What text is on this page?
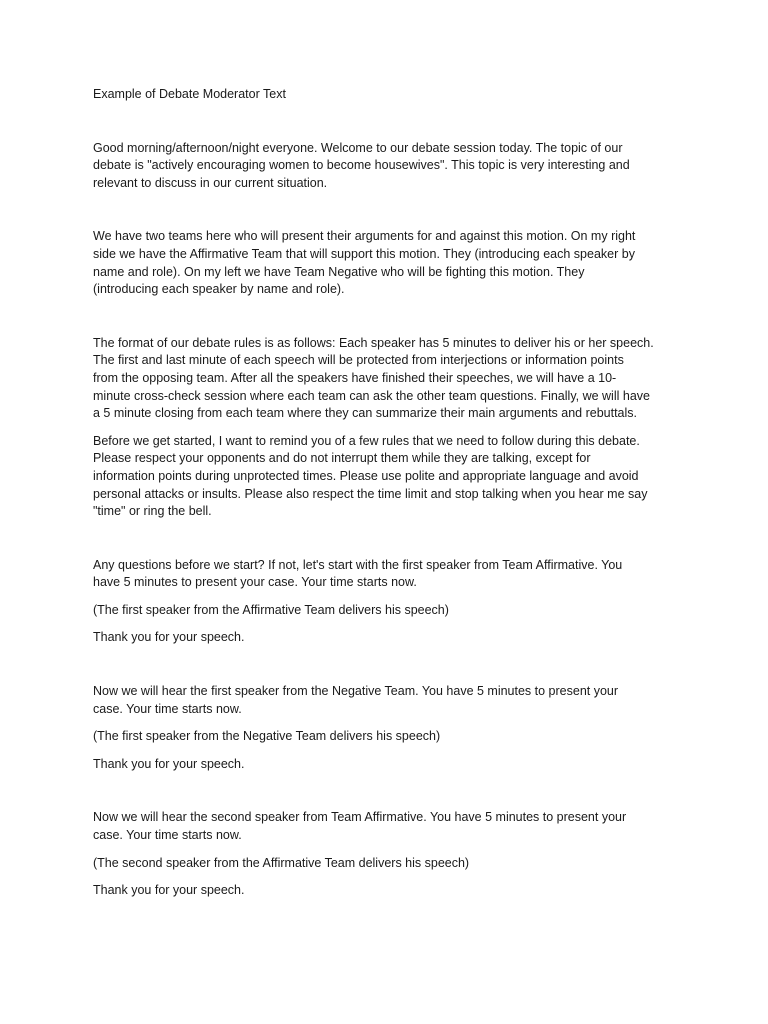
Example of Debate Moderator Text

Good morning/afternoon/night everyone. Welcome to our debate session today. The topic of our
debate is "actively encouraging women to become housewives". This topic is very interesting and
relevant to discuss in our current situation.

We have two teams here who will present their arguments for and against this motion. On my right
side we have the Affirmative Team that will support this motion. They (introducing each speaker by
name and role). On my left we have Team Negative who will be fighting this motion. They
(introducing each speaker by name and role).

The format of our debate rules is as follows: Each speaker has 5 minutes to deliver his or her speech.
The first and last minute of each speech will be protected from interjections or information points
from the opposing team. After all the speakers have finished their speeches, we will have a 10-
minute cross-check session where each team can ask the other team questions. Finally, we will have
a 5 minute closing from each team where they can summarize their main arguments and rebuttals.

Before we get started, I want to remind you of a few rules that we need to follow during this debate.
Please respect your opponents and do not interrupt them while they are talking, except for
information points during unprotected times. Please use polite and appropriate language and avoid
personal attacks or insults. Please also respect the time limit and stop talking when you hear me say
"time" or ring the bell.

Any questions before we start? If not, let's start with the first speaker from Team Affirmative. You
have 5 minutes to present your case. Your time starts now.

(The first speaker from the Affirmative Team delivers his speech)

Thank you for your speech.

Now we will hear the first speaker from the Negative Team. You have 5 minutes to present your
case. Your time starts now.

(The first speaker from the Negative Team delivers his speech)

Thank you for your speech.

Now we will hear the second speaker from Team Affirmative. You have 5 minutes to present your
case. Your time starts now.

(The second speaker from the Affirmative Team delivers his speech)

Thank you for your speech.
